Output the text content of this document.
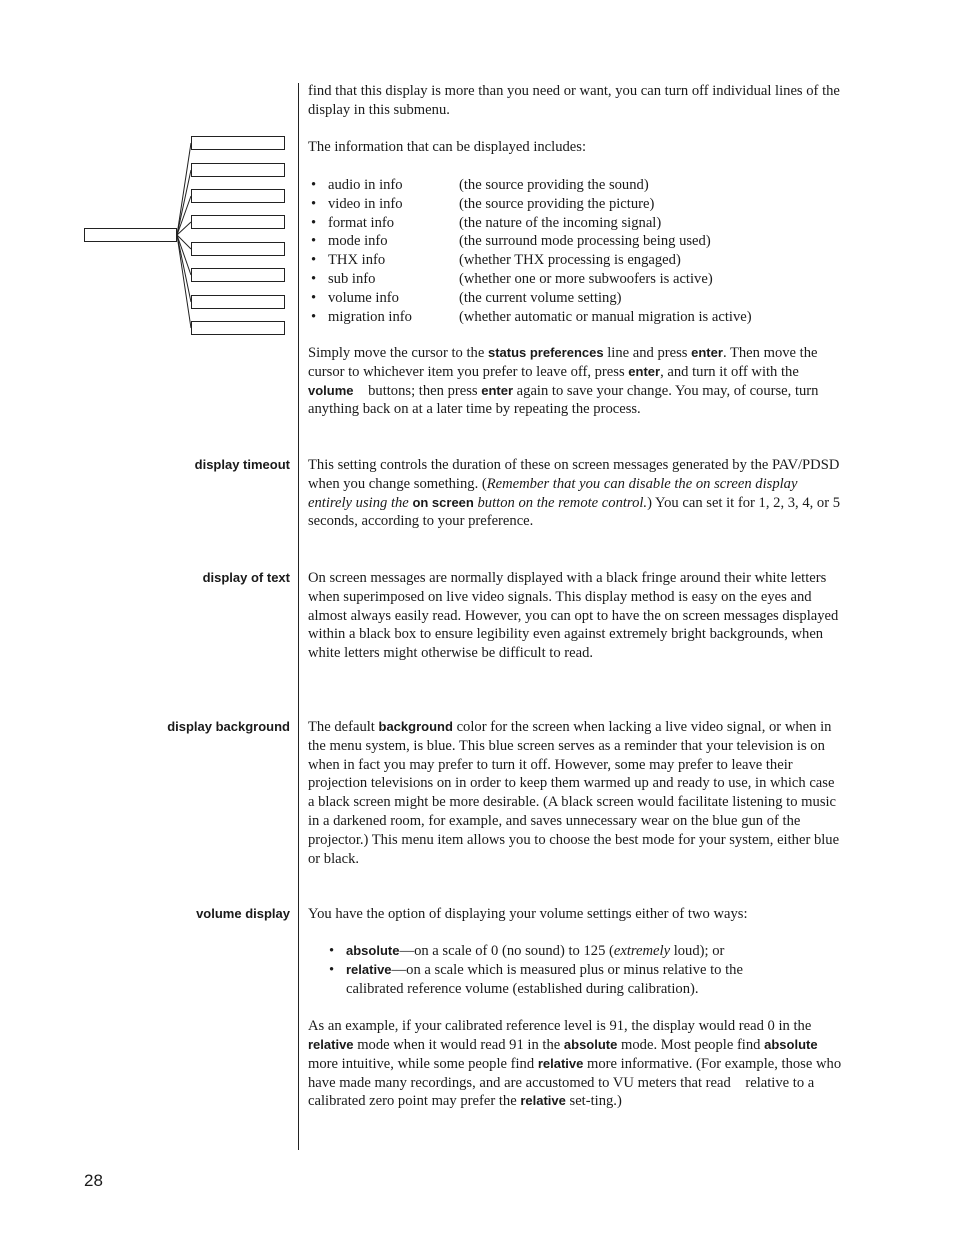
find that this display is more than you need or want, you can turn off individual lines of the display in this submenu.

The information that can be displayed includes:

• audio in info	(the source providing the sound)
• video in info	(the source providing the picture)
• format info	(the nature of the incoming signal)
• mode info	(the surround mode processing being used)
• THX info	(whether THX processing is engaged)
• sub info	(whether one or more subwoofers is active)
• volume info	(the current volume setting)
• migration info	(whether automatic or manual migration is active)

Simply move the cursor to the status preferences line and press enter. Then move the cursor to whichever item you prefer to leave off, press enter, and turn it off with the volume    buttons; then press enter again to save your change. You may, of course, turn anything back on at a later time by repeating the process.

display timeout This setting controls the duration of these on screen messages generated by the PAV/PDSD when you change something. (Remember that you can disable the on screen display entirely using the on screen button on the remote control.) You can set it for 1, 2, 3, 4, or 5 seconds, according to your preference.

display of text On screen messages are normally displayed with a black fringe around their white letters when superimposed on live video signals. This display method is easy on the eyes and almost always easily read. However, you can opt to have the on screen messages displayed within a black box to ensure legibility even against extremely bright backgrounds, when white letters might otherwise be difficult to read.

display background The default background color for the screen when lacking a live video signal, or when in the menu system, is blue. This blue screen serves as a reminder that your television is on when in fact you may prefer to turn it off. However, some may prefer to leave their projection televisions on in order to keep them warmed up and ready to use, in which case a black screen might be more desirable. (A black screen would facilitate listening to music in a darkened room, for example, and saves unnecessary wear on the blue gun of the projector.) This menu item allows you to choose the best mode for your system, either blue or black.

volume display You have the option of displaying your volume settings either of two ways:

• absolute—on a scale of 0 (no sound) to 125 (extremely loud); or
• relative—on a scale which is measured plus or minus relative to the calibrated reference volume (established during calibration).

As an example, if your calibrated reference level is 91, the display would read 0 in the relative mode when it would read 91 in the absolute mode. Most people find absolute more intuitive, while some people find relative more informative. (For example, those who have made many recordings, and are accustomed to VU meters that read    relative to a calibrated zero point may prefer the relative set-ting.)

28
